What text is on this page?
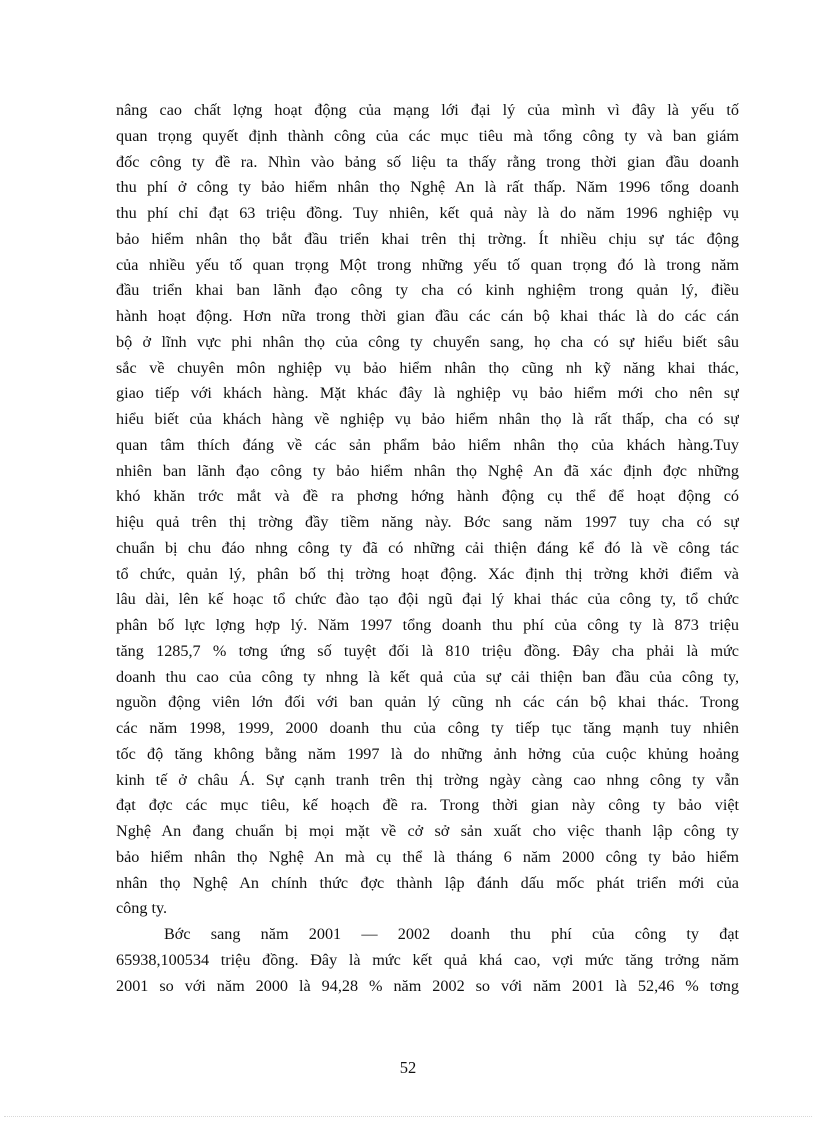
nâng cao chất lợng hoạt động của mạng lới đại lý của mình vì đây là yếu tố
quan trọng quyết định thành công của các mục tiêu mà tổng công ty và ban giám
đốc công ty đề ra. Nhìn vào bảng số liệu ta thấy rằng trong thời gian đầu doanh
thu phí ở công ty bảo hiểm nhân thọ Nghệ An là rất thấp. Năm 1996 tổng doanh
thu phí chỉ đạt 63 triệu đồng. Tuy nhiên, kết quả này là do năm 1996 nghiệp vụ
bảo hiểm nhân thọ bắt đầu triển khai trên thị trờng. Ít nhiều chịu sự tác động
của nhiều yếu tố quan trọng Một trong những yếu tố quan trọng đó là trong năm
đầu triển khai ban lãnh đạo công ty cha có kinh nghiệm trong quản lý, điều
hành hoạt động. Hơn nữa trong thời gian đầu các cán bộ khai thác là do các cán
bộ ở lĩnh vực phi nhân thọ của công ty chuyển sang, họ cha có sự hiểu biết sâu
sắc về chuyên môn nghiệp vụ bảo hiểm nhân thọ cũng nh kỹ năng khai thác,
giao tiếp với khách hàng. Mặt khác đây là nghiệp vụ bảo hiểm mới cho nên sự
hiểu biết của khách hàng về nghiệp vụ bảo hiểm nhân thọ là rất thấp, cha có sự
quan tâm thích đáng về các sản phẩm bảo hiểm nhân thọ của khách hàng.Tuy
nhiên ban lãnh đạo công ty bảo hiểm nhân thọ Nghệ An đã xác định đợc những
khó khăn trớc mắt và đề ra phơng hớng hành động cụ thể để hoạt động có
hiệu quả trên thị trờng đầy tiềm năng này. Bớc sang năm 1997 tuy cha có sự
chuẩn bị chu đáo nhng công ty đã có những cải thiện đáng kể đó là về công tác
tổ chức, quản lý, phân bố thị trờng hoạt động. Xác định thị trờng khởi điểm và
lâu dài, lên kế hoạc tổ chức đào tạo đội ngũ đại lý khai thác của công ty, tổ chức
phân bố lực lợng hợp lý. Năm 1997 tổng doanh thu phí của công ty là 873 triệu
tăng 1285,7 % tơng ứng số tuyệt đối là 810 triệu đồng. Đây cha phải là mức
doanh thu cao của công ty nhng là kết quả của sự cải thiện ban đầu của công ty,
nguồn động viên lớn đối với ban quản lý cũng nh các cán bộ khai thác. Trong
các năm 1998, 1999, 2000 doanh thu của công ty tiếp tục tăng mạnh tuy nhiên
tốc độ tăng không bằng năm 1997 là do những ảnh hởng của cuộc khủng hoảng
kinh tế ở châu Á. Sự cạnh tranh trên thị trờng ngày càng cao nhng công ty vẫn
đạt đợc các mục tiêu, kế hoạch đề ra. Trong thời gian này công ty bảo việt
Nghệ An đang chuẩn bị mọi mặt về cở sở sản xuất cho việc thanh lập công ty
bảo hiểm nhân thọ Nghệ An mà cụ thể là tháng 6 năm 2000 công ty bảo hiểm
nhân thọ Nghệ An chính thức đợc thành lập đánh dấu mốc phát triển mới của
công ty.
Bớc sang năm 2001 — 2002 doanh thu phí của công ty đạt
65938,100534 triệu đồng. Đây là mức kết quả khá cao, vợi mức tăng trởng năm
2001 so với năm 2000 là 94,28 % năm 2002 so với năm 2001 là 52,46 % tơng
52
